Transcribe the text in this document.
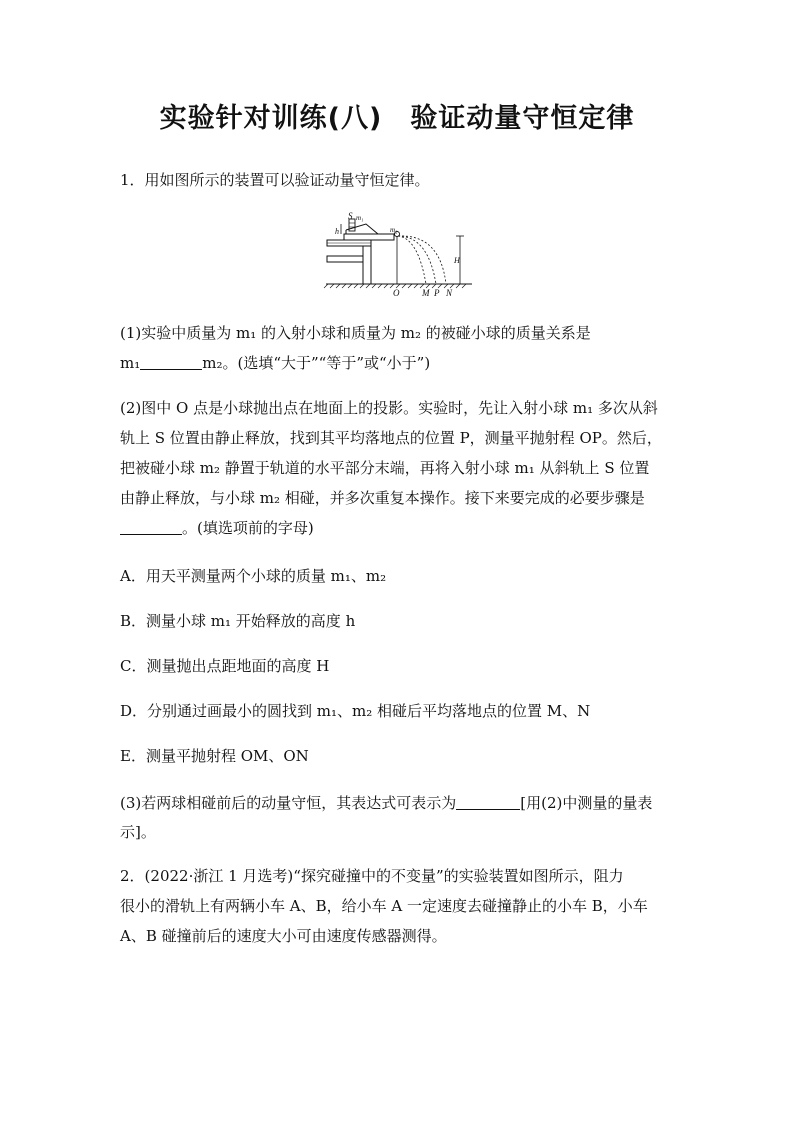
实验针对训练(八) 验证动量守恒定律
1．用如图所示的装置可以验证动量守恒定律。
S m₁
h	m₂
H
O	M P N
(1)实验中质量为 m₁ 的入射小球和质量为 m₂ 的被碰小球的质量关系是
m₁	m₂。(选填“大于”“等于”或“小于”)
(2)图中 O 点是小球抛出点在地面上的投影。实验时，先让入射小球 m₁ 多次从斜
轨上 S 位置由静止释放，找到其平均落地点的位置 P，测量平抛射程 OP。然后，
把被碰小球 m₂ 静置于轨道的水平部分末端，再将入射小球 m₁ 从斜轨上 S 位置
由静止释放，与小球 m₂ 相碰，并多次重复本操作。接下来要完成的必要步骤是
。(填选项前的字母)
A．用天平测量两个小球的质量 m₁、m₂
B．测量小球 m₁ 开始释放的高度 h
C．测量抛出点距地面的高度 H
D．分别通过画最小的圆找到 m₁、m₂ 相碰后平均落地点的位置 M、N
E．测量平抛射程 OM、ON
(3)若两球相碰前后的动量守恒，其表达式可表示为	[用(2)中测量的量表
示]。
2．(2022·浙江 1 月选考)“探究碰撞中的不变量”的实验装置如图所示，阻力
很小的滑轨上有两辆小车 A、B，给小车 A 一定速度去碰撞静止的小车 B，小车
A、B 碰撞前后的速度大小可由速度传感器测得。
